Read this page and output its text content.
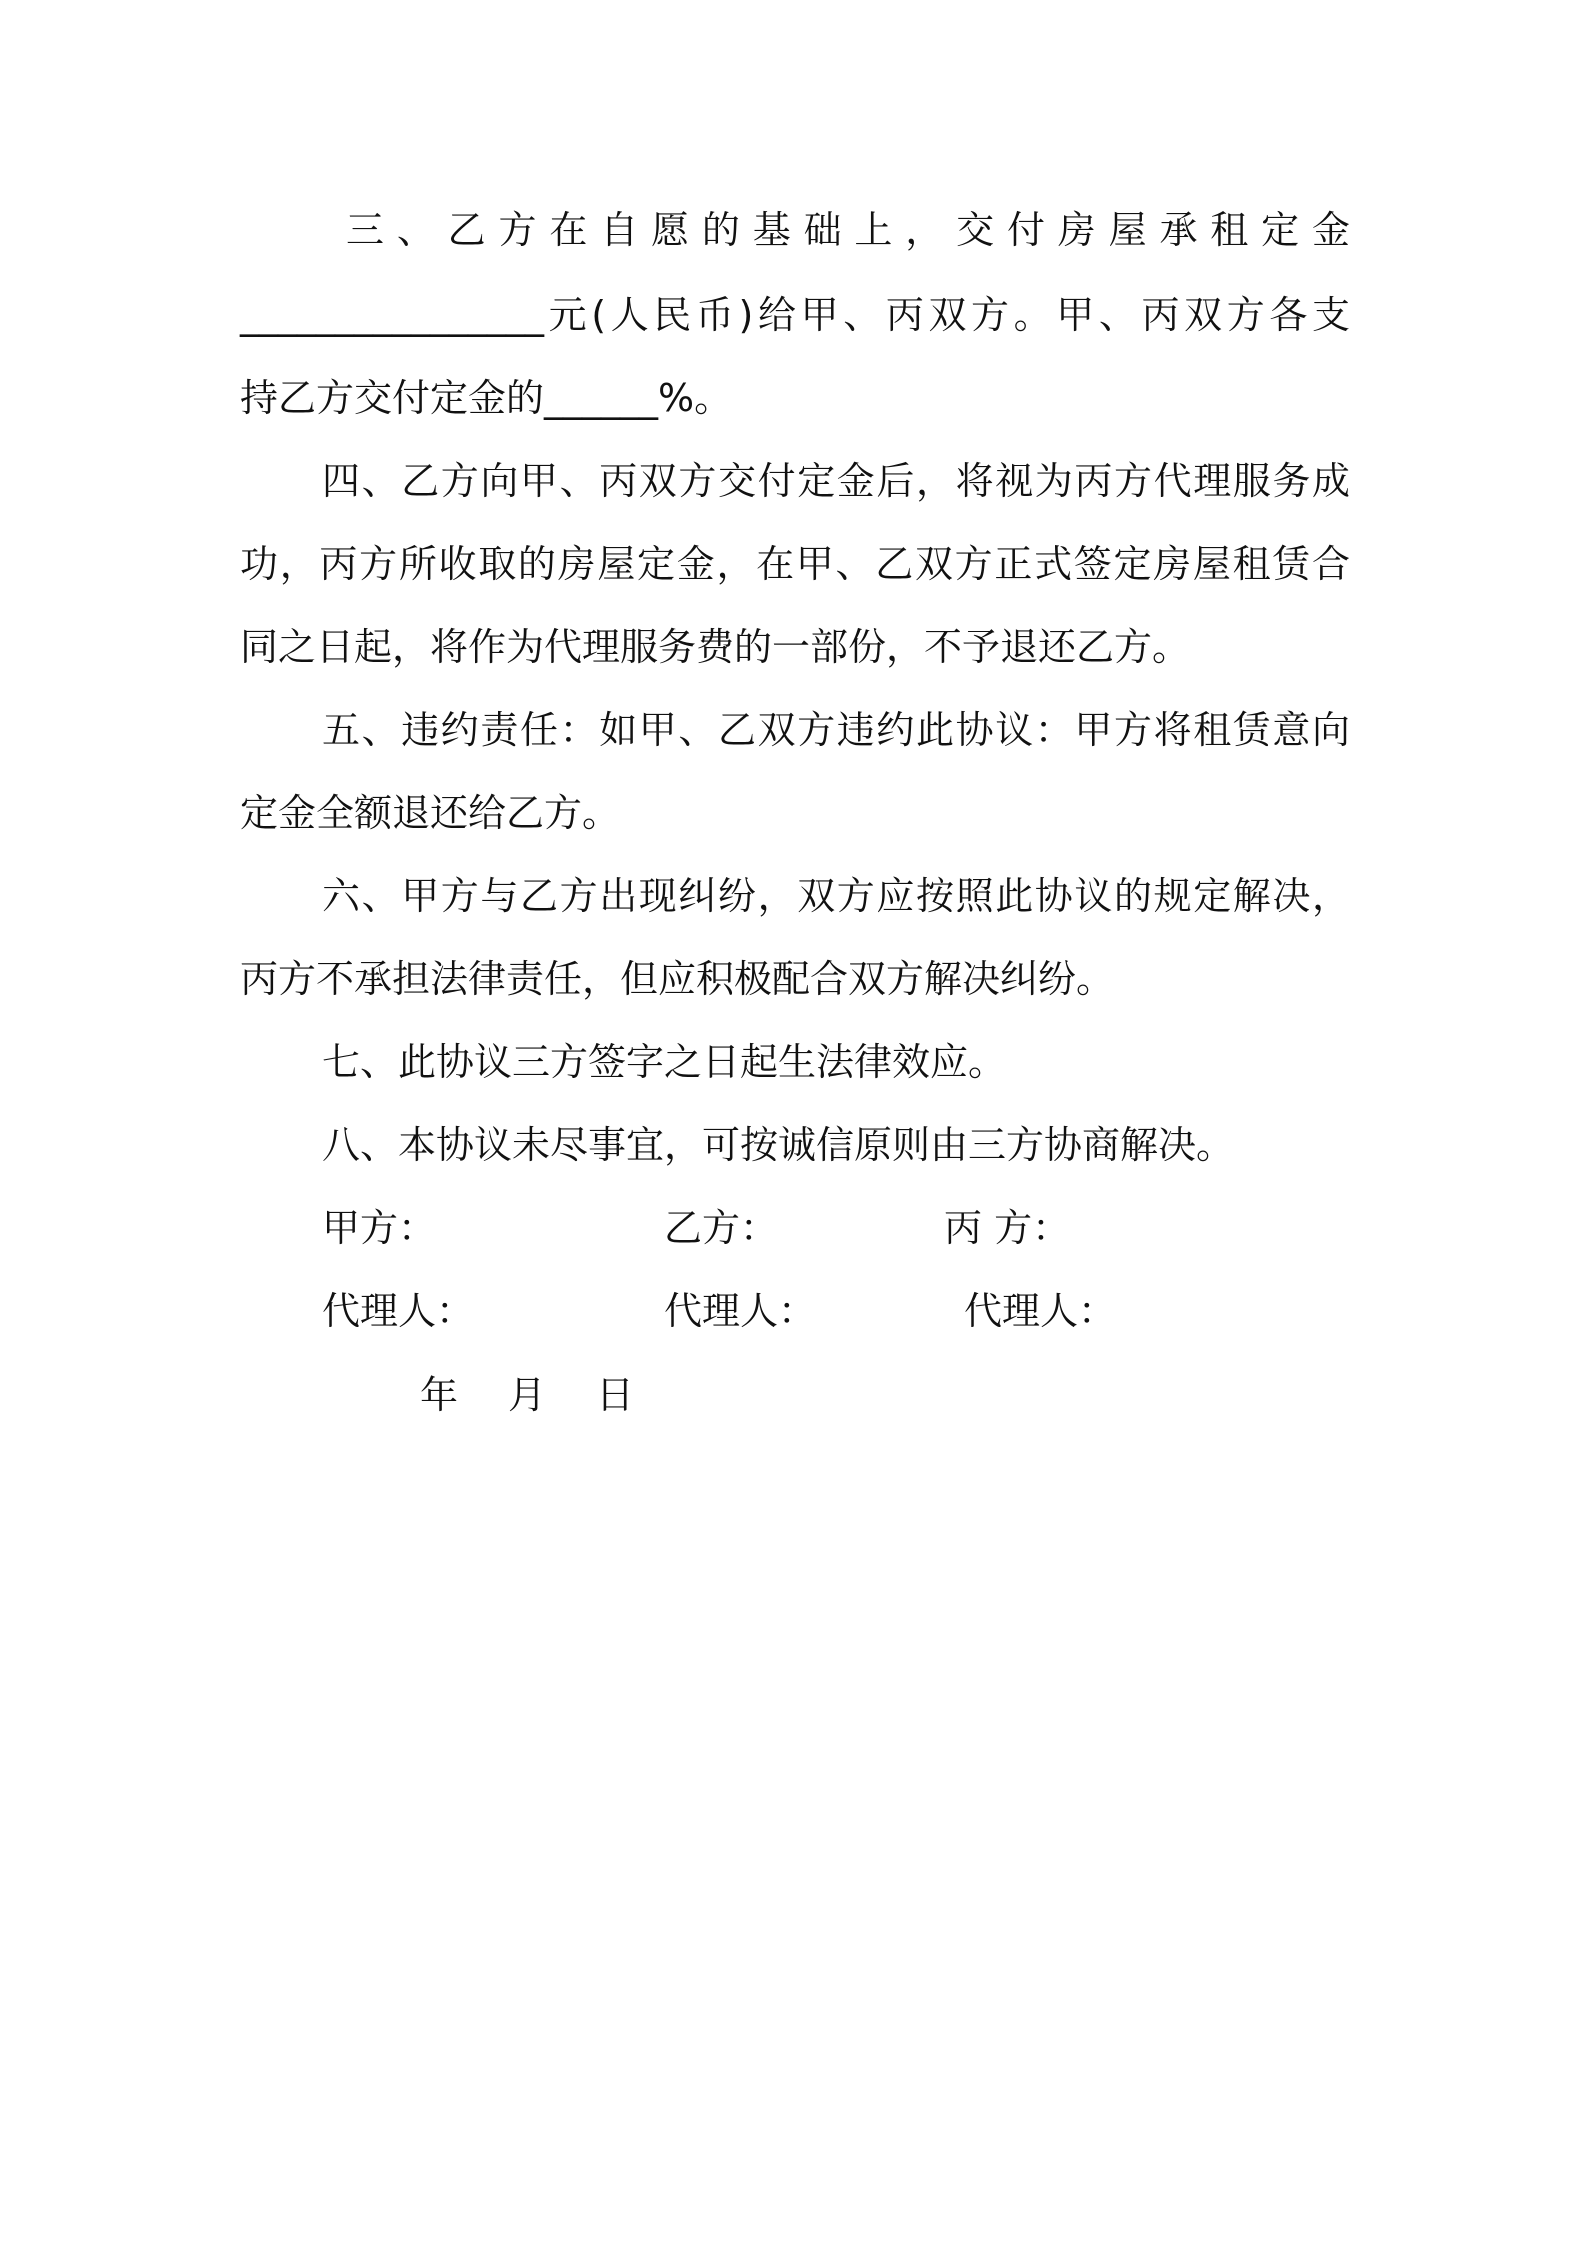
三、乙方在自愿的基础上，交付房屋承租定金
________________元(人民币)给甲、丙双方。甲、丙双方各支
持乙方交付定金的______%。
四、乙方向甲、丙双方交付定金后，将视为丙方代理服务成
功，丙方所收取的房屋定金，在甲、乙双方正式签定房屋租赁合
同之日起，将作为代理服务费的一部份，不予退还乙方。
五、违约责任：如甲、乙双方违约此协议：甲方将租赁意向
定金全额退还给乙方。
六、甲方与乙方出现纠纷，双方应按照此协议的规定解决，
丙方不承担法律责任，但应积极配合双方解决纠纷。
七、此协议三方签字之日起生法律效应。
八、本协议未尽事宜，可按诚信原则由三方协商解决。
甲方：	乙方：	丙 方：
代理人：	代理人：	代理人：
年　月　日
